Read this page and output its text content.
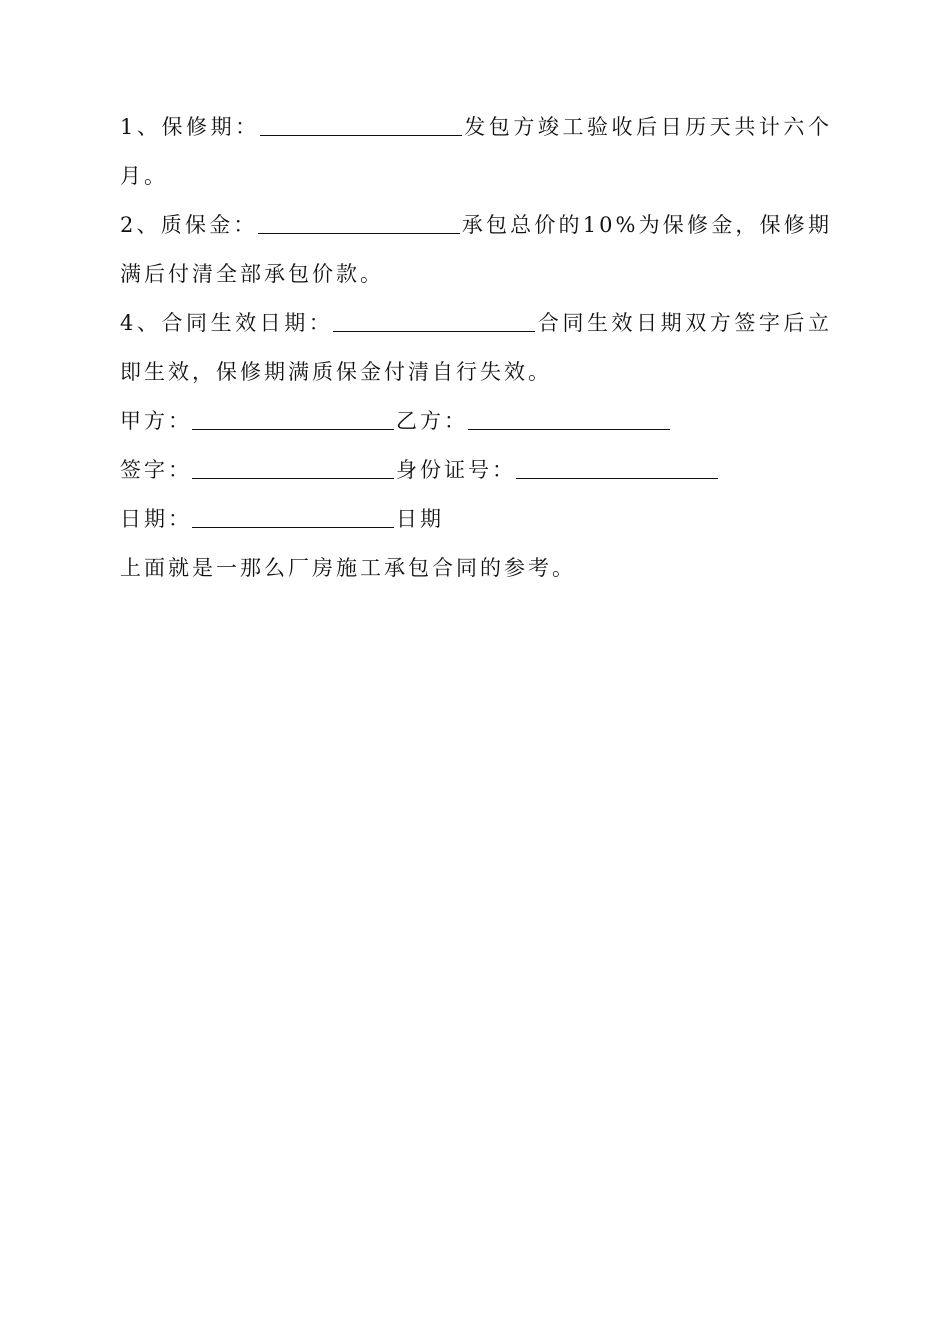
1、保修期：	发包方竣工验收后日历天共计六个月。

2、质保金：	承包总价的10%为保修金，保修期满后付清全部承包价款。

4、合同生效日期：	合同生效日期双方签字后立即生效，保修期满质保金付清自行失效。

甲方：	乙方：

签字：	身份证号：

日期：	日期

上面就是一那么厂房施工承包合同的参考。
